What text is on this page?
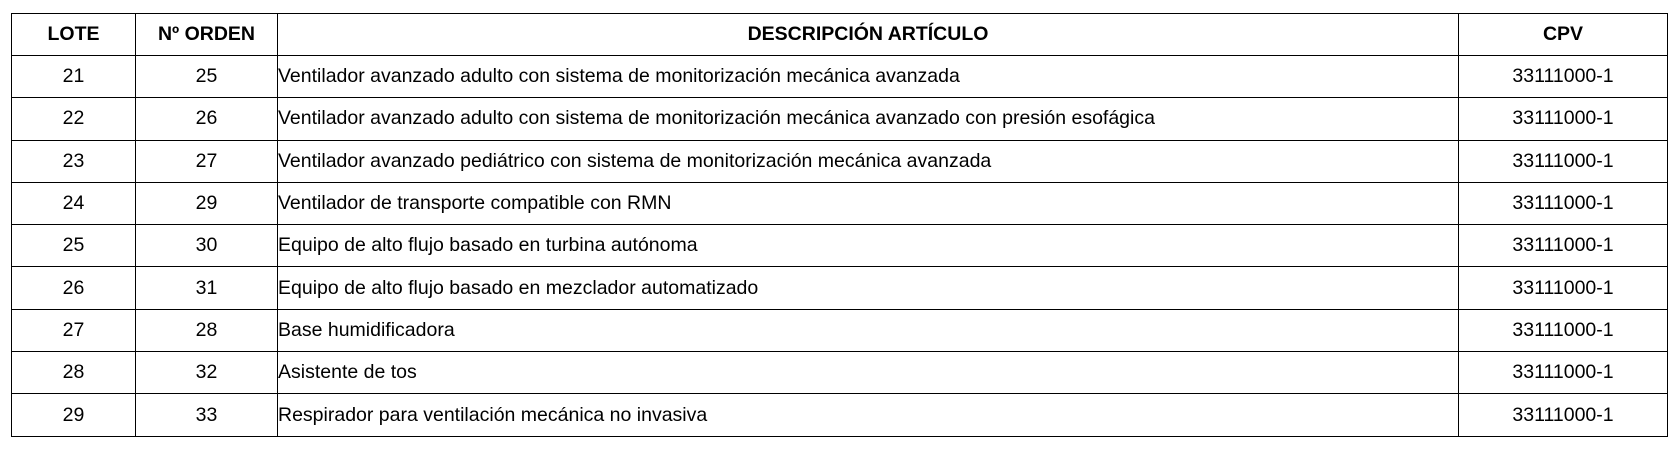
LOTE	Nº ORDEN	DESCRIPCIÓN ARTÍCULO	CPV
21	25	Ventilador avanzado adulto con sistema de monitorización mecánica avanzada	33111000-1
22	26	Ventilador avanzado adulto con sistema de monitorización mecánica avanzado con presión esofágica	33111000-1
23	27	Ventilador avanzado pediátrico con sistema de monitorización mecánica avanzada	33111000-1
24	29	Ventilador de transporte compatible con RMN	33111000-1
25	30	Equipo de alto flujo basado en turbina autónoma	33111000-1
26	31	Equipo de alto flujo basado en mezclador automatizado	33111000-1
27	28	Base humidificadora	33111000-1
28	32	Asistente de tos	33111000-1
29	33	Respirador para ventilación mecánica no invasiva	33111000-1
